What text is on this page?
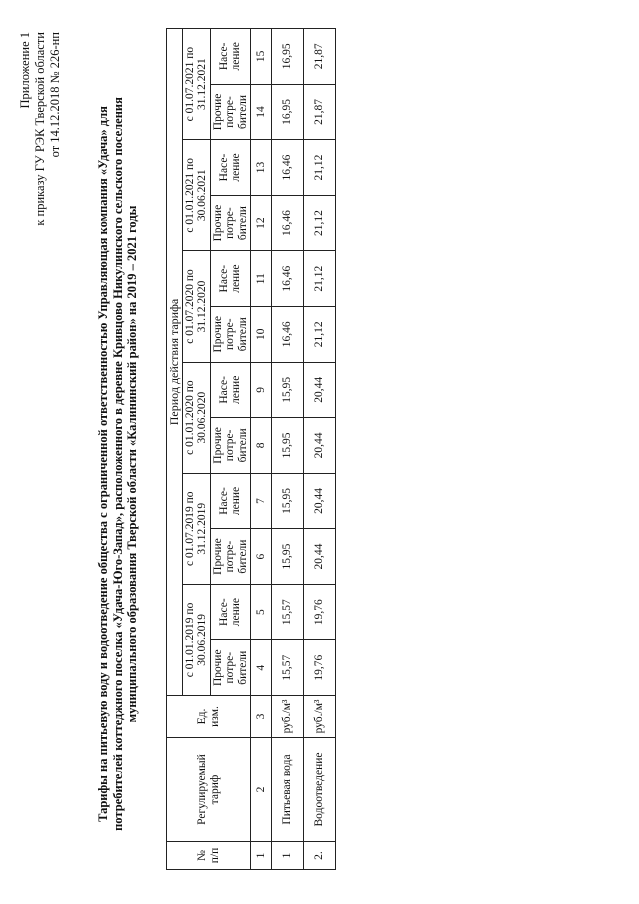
Приложение 1 к приказу ГУ РЭК Тверской области от 14.12.2018 № 226-нп
Тарифы на питьевую воду и водоотведение общества с ограниченной ответственностью Управляющая компания «Удача» для потребителей коттеджного поселка «Удача-Юго-Запад», расположенного в деревне Кривцово Никулинского сельского поселения муниципального образования Тверской области «Калининский район» на 2019 – 2021 годы
№ п/п	Регулируемый тариф	Ед. изм.	Период действия тарифа											
			с 01.01.2019 по 30.06.2019		с 01.07.2019 по 31.12.2019		с 01.01.2020 по 30.06.2020		с 01.07.2020 по 31.12.2020		с 01.01.2021 по 30.06.2021		с 01.07.2021 по 31.12.2021	
			Прочие потре- бители	Насе- ление	Прочие потре- бители	Насе- ление	Прочие потре- бители	Насе- ление	Прочие потре- бители	Насе- ление	Прочие потре- бители	Насе- ление	Прочие потре- бители	Насе- ление
1	2	3	4	5	6	7	8	9	10	11	12	13	14	15
1	Питьевая вода	руб./м³	15,57	15,57	15,95	15,95	15,95	15,95	16,46	16,46	16,46	16,46	16,95	16,95
2.	Водоотведение	руб./м³	19,76	19,76	20,44	20,44	20,44	20,44	21,12	21,12	21,12	21,12	21,87	21,87
